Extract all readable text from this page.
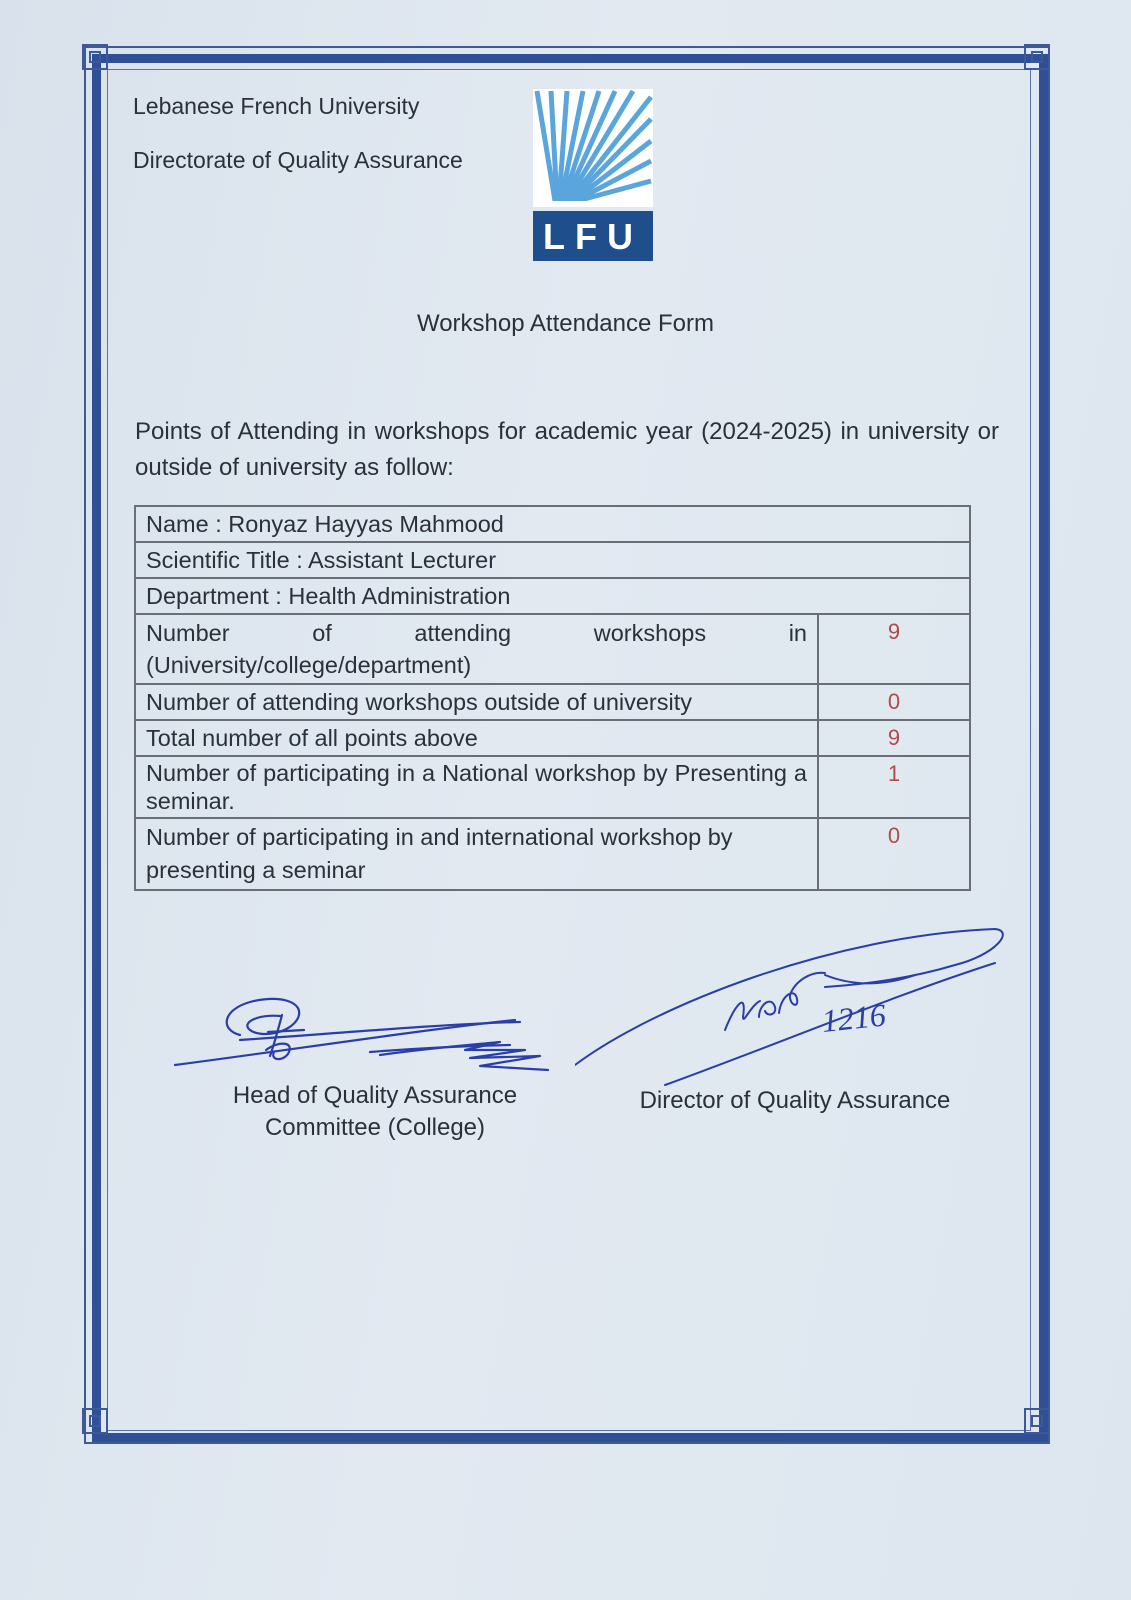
Lebanese French University
Directorate of Quality Assurance
LFU
Workshop Attendance Form
Points of Attending in workshops for academic year (2024-2025) in university or outside of university as follow:
Name : Ronyaz Hayyas Mahmood	
Scientific Title : Assistant Lecturer	
Department : Health Administration	
Number of attending workshops in (University/college/department)	9
Number of attending workshops outside of university	0
Total number of all points above	9
Number of participating in a National workshop by Presenting a seminar.	1
Number of participating in and international workshop by presenting a seminar	0
Head of Quality Assurance
Committee (College)
1216
Director of Quality Assurance
